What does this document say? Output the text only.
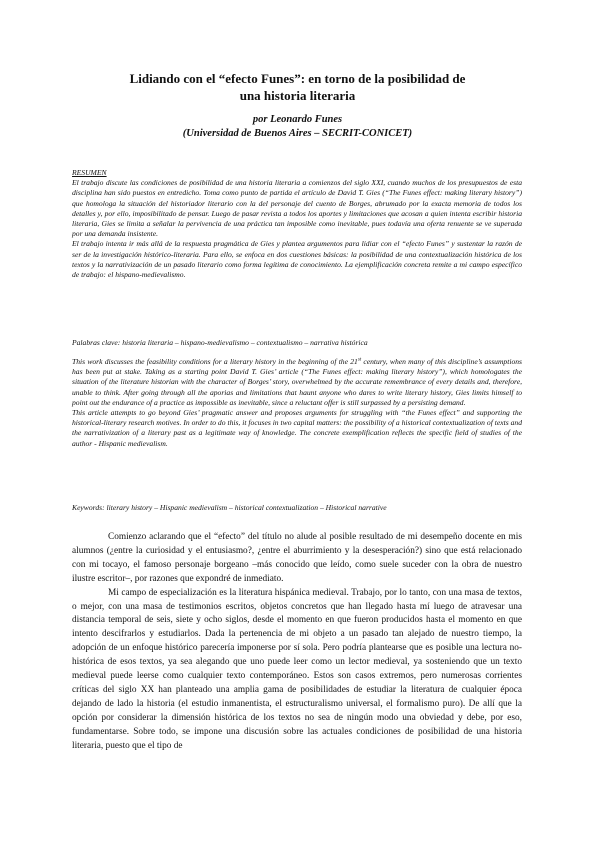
Lidiando con el “efecto Funes”: en torno de la posibilidad de
una historia literaria
por Leonardo Funes
(Universidad de Buenos Aires – SECRIT-CONICET)

RESUMEN

El trabajo discute las condiciones de posibilidad de una historia literaria a comienzos del siglo XXI, cuando muchos de los presupuestos de esta disciplina han sido puestos en entredicho. Toma como punto de partida el artículo de David T. Gies (“The Funes effect: making literary history”) que homologa la situación del historiador literario con la del personaje del cuento de Borges, abrumado por la exacta memoria de todos los detalles y, por ello, imposibilitado de pensar. Luego de pasar revista a todos los aportes y limitaciones que acosan a quien intenta escribir historia literaria, Gies se limita a señalar la pervivencia de una práctica tan imposible como inevitable, pues todavía una oferta renuente se ve superada por una demanda insistente.

El trabajo intenta ir más allá de la respuesta pragmática de Gies y plantea argumentos para lidiar con el “efecto Funes” y sustentar la razón de ser de la investigación histórico-literaria. Para ello, se enfoca en dos cuestiones básicas: la posibilidad de una contextualización histórica de los textos y la narrativización de un pasado literario como forma legítima de conocimiento. La ejemplificación concreta remite a mi campo específico de trabajo: el hispano-medievalismo.

Palabras clave: historia literaria – hispano-medievalismo – contextualismo – narrativa histórica

This work discusses the feasibility conditions for a literary history in the beginning of the 21st century, when many of this discipline’s assumptions has been put at stake. Taking as a starting point David T. Gies’ article (“The Funes effect: making literary history”), which homologates the situation of the literature historian with the character of Borges’ story, overwhelmed by the accurate remembrance of every details and, therefore, unable to think. After going through all the aporias and limitations that haunt anyone who dares to write literary history, Gies limits himself to point out the endurance of a practice as impossible as inevitable, since a reluctant offer is still surpassed by a persisting demand.

This article attempts to go beyond Gies’ pragmatic answer and proposes arguments for struggling with “the Funes effect” and supporting the historical-literary research motives. In order to do this, it focuses in two capital matters: the possibility of a historical contextualization of texts and the narrativization of a literary past as a legitimate way of knowledge. The concrete exemplification reflects the specific field of studies of the author - Hispanic medievalism.

Keywords: literary history – Hispanic medievalism – historical contextualization – Historical narrative

Comienzo aclarando que el “efecto” del título no alude al posible resultado de mi desempeño docente en mis alumnos (¿entre la curiosidad y el entusiasmo?, ¿entre el aburrimiento y la desesperación?) sino que está relacionado con mi tocayo, el famoso personaje borgeano –más conocido que leído, como suele suceder con la obra de nuestro ilustre escritor–, por razones que expondré de inmediato.

Mi campo de especialización es la literatura hispánica medieval. Trabajo, por lo tanto, con una masa de textos, o mejor, con una masa de testimonios escritos, objetos concretos que han llegado hasta mí luego de atravesar una distancia temporal de seis, siete y ocho siglos, desde el momento en que fueron producidos hasta el momento en que intento descifrarlos y estudiarlos. Dada la pertenencia de mi objeto a un pasado tan alejado de nuestro tiempo, la adopción de un enfoque histórico parecería imponerse por sí sola. Pero podría plantearse que es posible una lectura no-histórica de esos textos, ya sea alegando que uno puede leer como un lector medieval, ya sosteniendo que un texto medieval puede leerse como cualquier texto contemporáneo. Estos son casos extremos, pero numerosas corrientes críticas del siglo XX han planteado una amplia gama de posibilidades de estudiar la literatura de cualquier época dejando de lado la historia (el estudio inmanentista, el estructuralismo universal, el formalismo puro). De allí que la opción por considerar la dimensión histórica de los textos no sea de ningún modo una obviedad y debe, por eso, fundamentarse. Sobre todo, se impone una discusión sobre las actuales condiciones de posibilidad de una historia literaria, puesto que el tipo de
